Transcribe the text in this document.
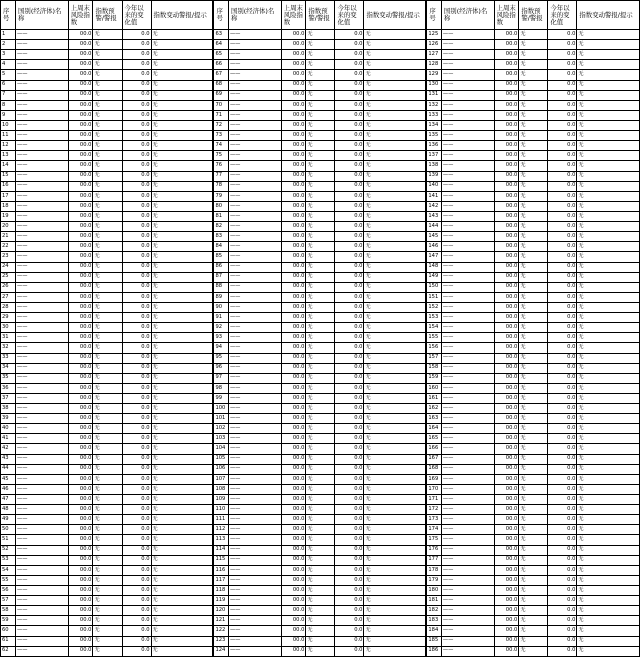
序号	国别(经济体)名称	上周末风险指数	指数预警/警报	今年以来的变化值	指数变动警报/提示	序号	国别(经济体)名称	上周末风险指数	指数预警/警报	今年以来的变化值	指数变动警报/提示	序号	国别(经济体)名称	上周末风险指数	指数预警/警报	今年以来的变化值	指数变动警报/提示
1	——	00.0	无	0.0	无	63	——	00.0	无	0.0	无	125	——	00.0	无	0.0	无
2	——	00.0	无	0.0	无	64	——	00.0	无	0.0	无	126	——	00.0	无	0.0	无
3	——	00.0	无	0.0	无	65	——	00.0	无	0.0	无	127	——	00.0	无	0.0	无
4	——	00.0	无	0.0	无	66	——	00.0	无	0.0	无	128	——	00.0	无	0.0	无
5	——	00.0	无	0.0	无	67	——	00.0	无	0.0	无	129	——	00.0	无	0.0	无
6	——	00.0	无	0.0	无	68	——	00.0	无	0.0	无	130	——	00.0	无	0.0	无
7	——	00.0	无	0.0	无	69	——	00.0	无	0.0	无	131	——	00.0	无	0.0	无
8	——	00.0	无	0.0	无	70	——	00.0	无	0.0	无	132	——	00.0	无	0.0	无
9	——	00.0	无	0.0	无	71	——	00.0	无	0.0	无	133	——	00.0	无	0.0	无
10	——	00.0	无	0.0	无	72	——	00.0	无	0.0	无	134	——	00.0	无	0.0	无
11	——	00.0	无	0.0	无	73	——	00.0	无	0.0	无	135	——	00.0	无	0.0	无
12	——	00.0	无	0.0	无	74	——	00.0	无	0.0	无	136	——	00.0	无	0.0	无
13	——	00.0	无	0.0	无	75	——	00.0	无	0.0	无	137	——	00.0	无	0.0	无
14	——	00.0	无	0.0	无	76	——	00.0	无	0.0	无	138	——	00.0	无	0.0	无
15	——	00.0	无	0.0	无	77	——	00.0	无	0.0	无	139	——	00.0	无	0.0	无
16	——	00.0	无	0.0	无	78	——	00.0	无	0.0	无	140	——	00.0	无	0.0	无
17	——	00.0	无	0.0	无	79	——	00.0	无	0.0	无	141	——	00.0	无	0.0	无
18	——	00.0	无	0.0	无	80	——	00.0	无	0.0	无	142	——	00.0	无	0.0	无
19	——	00.0	无	0.0	无	81	——	00.0	无	0.0	无	143	——	00.0	无	0.0	无
20	——	00.0	无	0.0	无	82	——	00.0	无	0.0	无	144	——	00.0	无	0.0	无
21	——	00.0	无	0.0	无	83	——	00.0	无	0.0	无	145	——	00.0	无	0.0	无
22	——	00.0	无	0.0	无	84	——	00.0	无	0.0	无	146	——	00.0	无	0.0	无
23	——	00.0	无	0.0	无	85	——	00.0	无	0.0	无	147	——	00.0	无	0.0	无
24	——	00.0	无	0.0	无	86	——	00.0	无	0.0	无	148	——	00.0	无	0.0	无
25	——	00.0	无	0.0	无	87	——	00.0	无	0.0	无	149	——	00.0	无	0.0	无
26	——	00.0	无	0.0	无	88	——	00.0	无	0.0	无	150	——	00.0	无	0.0	无
27	——	00.0	无	0.0	无	89	——	00.0	无	0.0	无	151	——	00.0	无	0.0	无
28	——	00.0	无	0.0	无	90	——	00.0	无	0.0	无	152	——	00.0	无	0.0	无
29	——	00.0	无	0.0	无	91	——	00.0	无	0.0	无	153	——	00.0	无	0.0	无
30	——	00.0	无	0.0	无	92	——	00.0	无	0.0	无	154	——	00.0	无	0.0	无
31	——	00.0	无	0.0	无	93	——	00.0	无	0.0	无	155	——	00.0	无	0.0	无
32	——	00.0	无	0.0	无	94	——	00.0	无	0.0	无	156	——	00.0	无	0.0	无
33	——	00.0	无	0.0	无	95	——	00.0	无	0.0	无	157	——	00.0	无	0.0	无
34	——	00.0	无	0.0	无	96	——	00.0	无	0.0	无	158	——	00.0	无	0.0	无
35	——	00.0	无	0.0	无	97	——	00.0	无	0.0	无	159	——	00.0	无	0.0	无
36	——	00.0	无	0.0	无	98	——	00.0	无	0.0	无	160	——	00.0	无	0.0	无
37	——	00.0	无	0.0	无	99	——	00.0	无	0.0	无	161	——	00.0	无	0.0	无
38	——	00.0	无	0.0	无	100	——	00.0	无	0.0	无	162	——	00.0	无	0.0	无
39	——	00.0	无	0.0	无	101	——	00.0	无	0.0	无	163	——	00.0	无	0.0	无
40	——	00.0	无	0.0	无	102	——	00.0	无	0.0	无	164	——	00.0	无	0.0	无
41	——	00.0	无	0.0	无	103	——	00.0	无	0.0	无	165	——	00.0	无	0.0	无
42	——	00.0	无	0.0	无	104	——	00.0	无	0.0	无	166	——	00.0	无	0.0	无
43	——	00.0	无	0.0	无	105	——	00.0	无	0.0	无	167	——	00.0	无	0.0	无
44	——	00.0	无	0.0	无	106	——	00.0	无	0.0	无	168	——	00.0	无	0.0	无
45	——	00.0	无	0.0	无	107	——	00.0	无	0.0	无	169	——	00.0	无	0.0	无
46	——	00.0	无	0.0	无	108	——	00.0	无	0.0	无	170	——	00.0	无	0.0	无
47	——	00.0	无	0.0	无	109	——	00.0	无	0.0	无	171	——	00.0	无	0.0	无
48	——	00.0	无	0.0	无	110	——	00.0	无	0.0	无	172	——	00.0	无	0.0	无
49	——	00.0	无	0.0	无	111	——	00.0	无	0.0	无	173	——	00.0	无	0.0	无
50	——	00.0	无	0.0	无	112	——	00.0	无	0.0	无	174	——	00.0	无	0.0	无
51	——	00.0	无	0.0	无	113	——	00.0	无	0.0	无	175	——	00.0	无	0.0	无
52	——	00.0	无	0.0	无	114	——	00.0	无	0.0	无	176	——	00.0	无	0.0	无
53	——	00.0	无	0.0	无	115	——	00.0	无	0.0	无	177	——	00.0	无	0.0	无
54	——	00.0	无	0.0	无	116	——	00.0	无	0.0	无	178	——	00.0	无	0.0	无
55	——	00.0	无	0.0	无	117	——	00.0	无	0.0	无	179	——	00.0	无	0.0	无
56	——	00.0	无	0.0	无	118	——	00.0	无	0.0	无	180	——	00.0	无	0.0	无
57	——	00.0	无	0.0	无	119	——	00.0	无	0.0	无	181	——	00.0	无	0.0	无
58	——	00.0	无	0.0	无	120	——	00.0	无	0.0	无	182	——	00.0	无	0.0	无
59	——	00.0	无	0.0	无	121	——	00.0	无	0.0	无	183	——	00.0	无	0.0	无
60	——	00.0	无	0.0	无	122	——	00.0	无	0.0	无	184	——	00.0	无	0.0	无
61	——	00.0	无	0.0	无	123	——	00.0	无	0.0	无	185	——	00.0	无	0.0	无
62	——	00.0	无	0.0	无	124	——	00.0	无	0.0	无	186	——	00.0	无	0.0	无
